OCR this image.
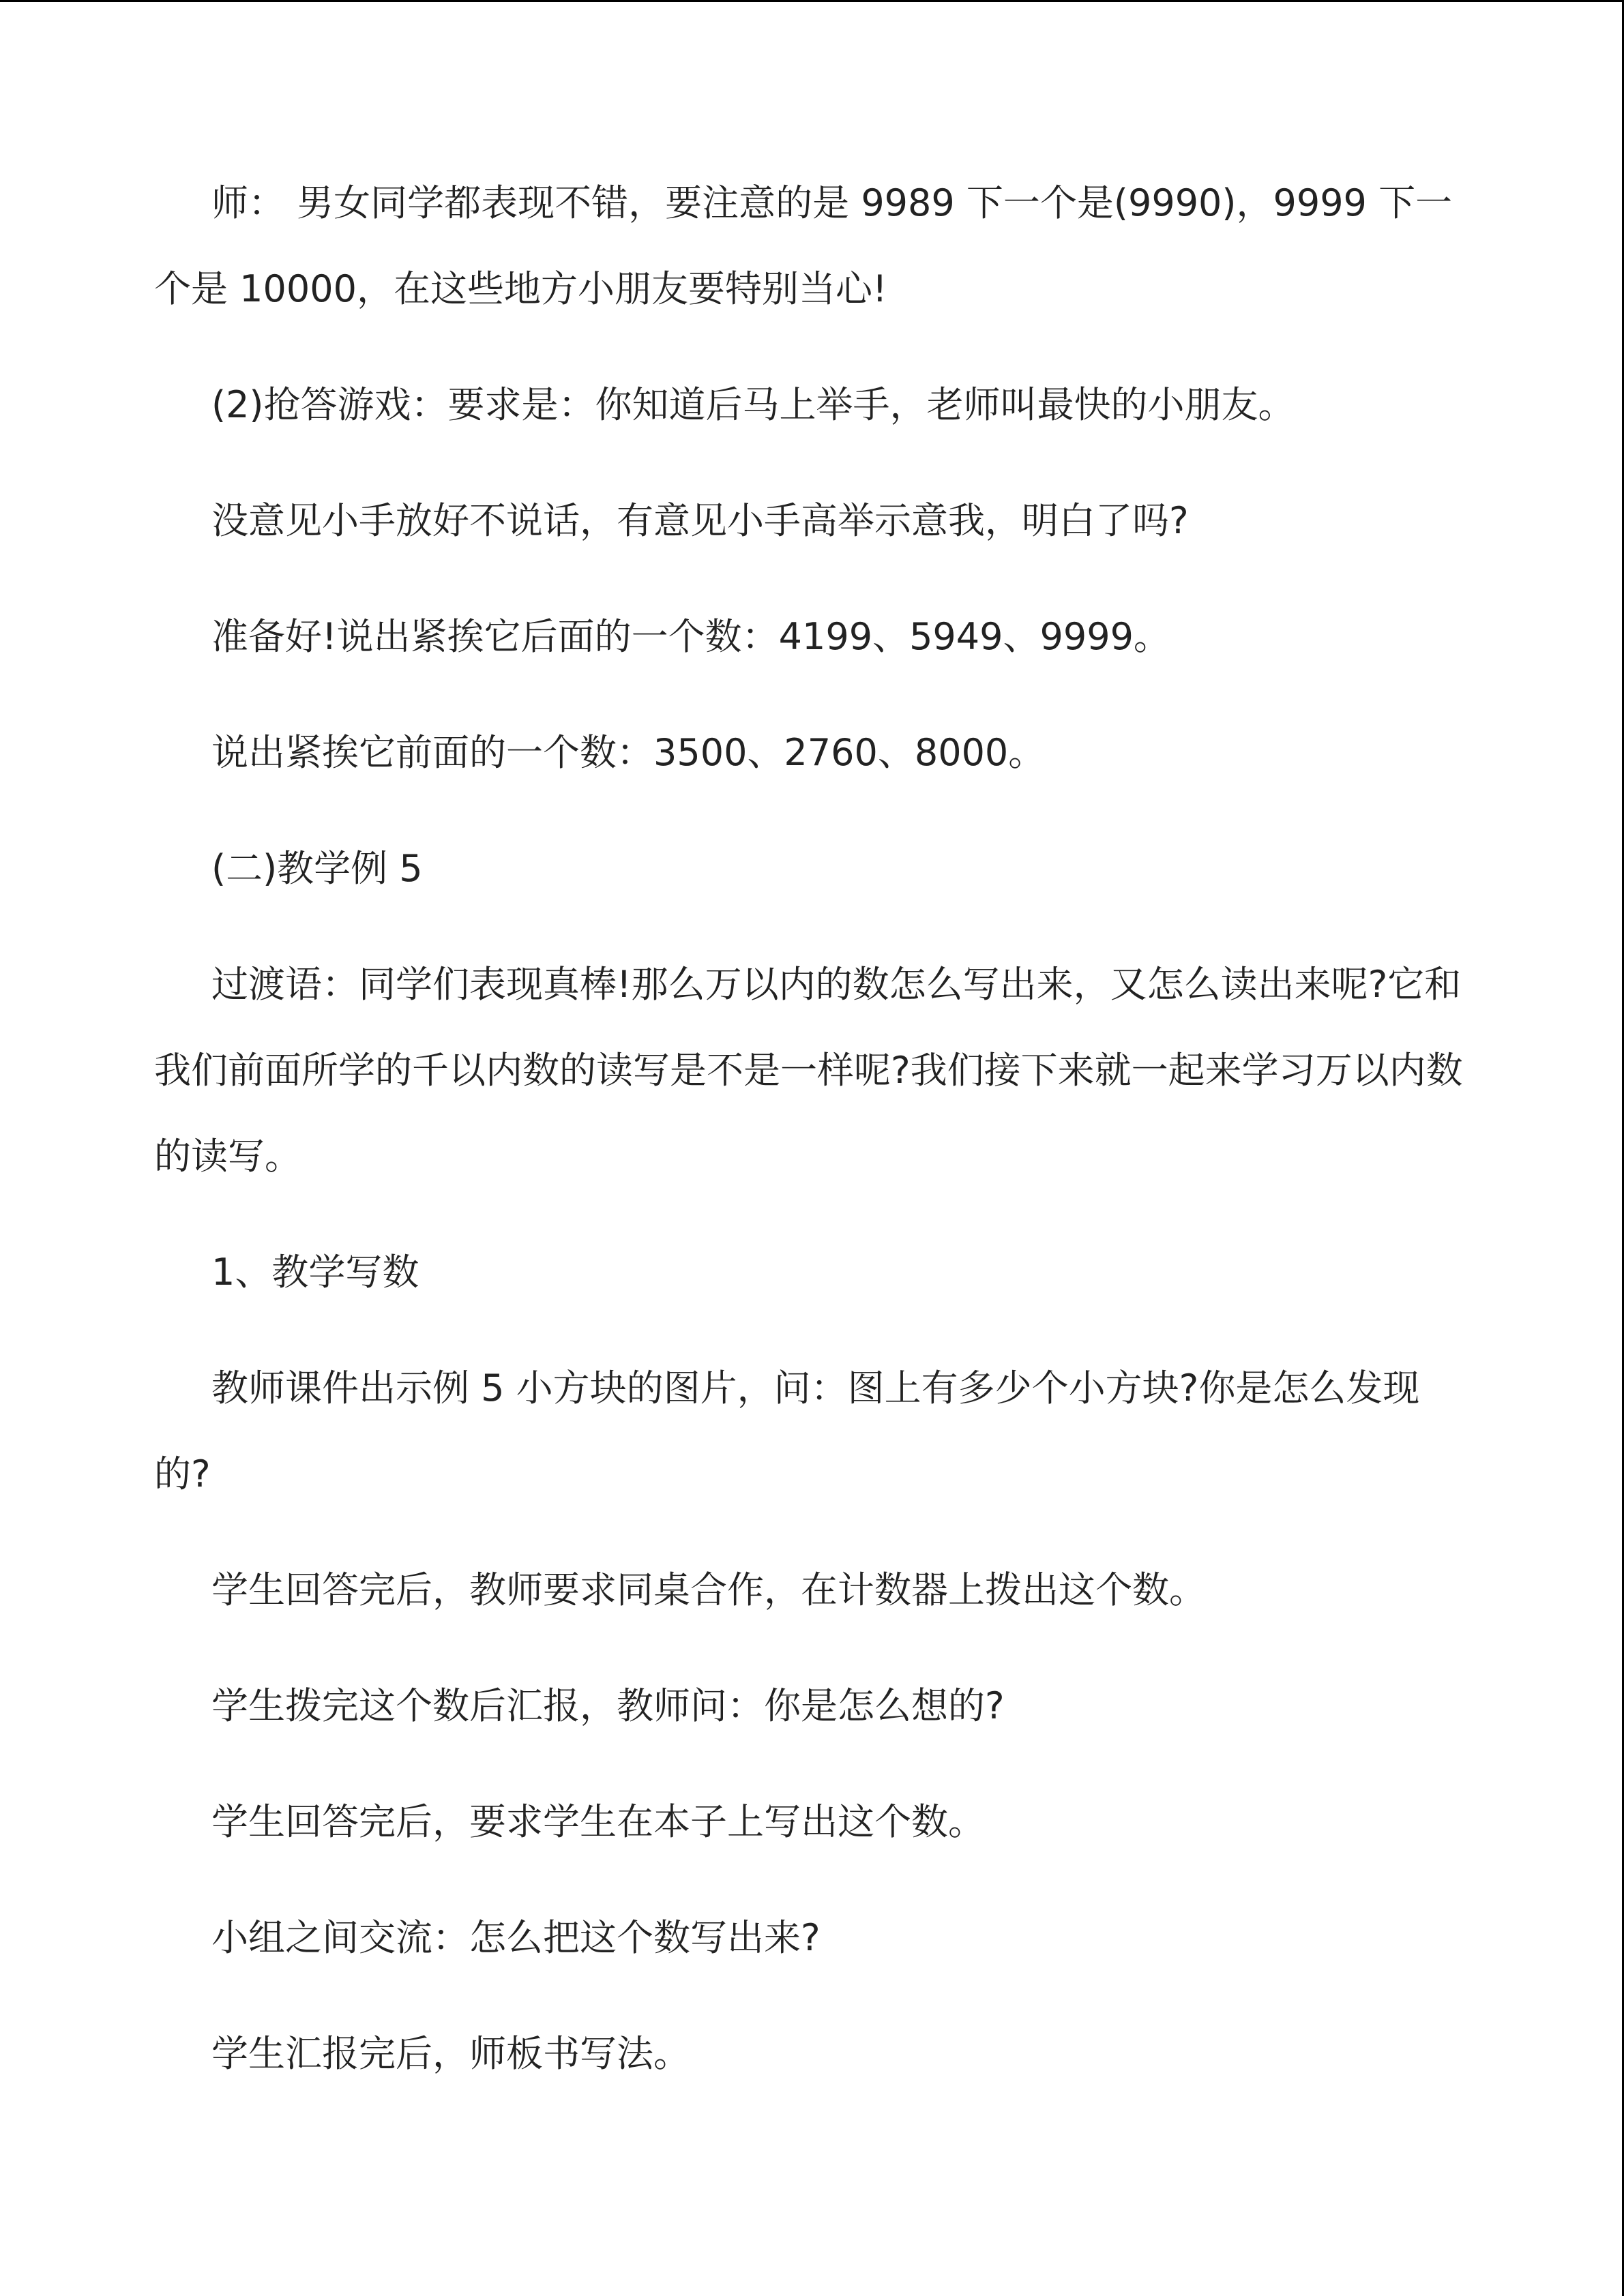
师： 男女同学都表现不错，要注意的是 9989 下一个是(9990)，9999 下一个是 10000，在这些地方小朋友要特别当心!

(2)抢答游戏：要求是：你知道后马上举手，老师叫最快的小朋友。

没意见小手放好不说话，有意见小手高举示意我，明白了吗?

准备好!说出紧挨它后面的一个数：4199、5949、9999。

说出紧挨它前面的一个数：3500、2760、8000。

(二)教学例 5

过渡语：同学们表现真棒!那么万以内的数怎么写出来，又怎么读出来呢?它和我们前面所学的千以内数的读写是不是一样呢?我们接下来就一起来学习万以内数的读写。

1、教学写数

教师课件出示例 5 小方块的图片，问：图上有多少个小方块?你是怎么发现的?

学生回答完后，教师要求同桌合作，在计数器上拨出这个数。

学生拨完这个数后汇报，教师问：你是怎么想的?

学生回答完后，要求学生在本子上写出这个数。

小组之间交流：怎么把这个数写出来?

学生汇报完后，师板书写法。
